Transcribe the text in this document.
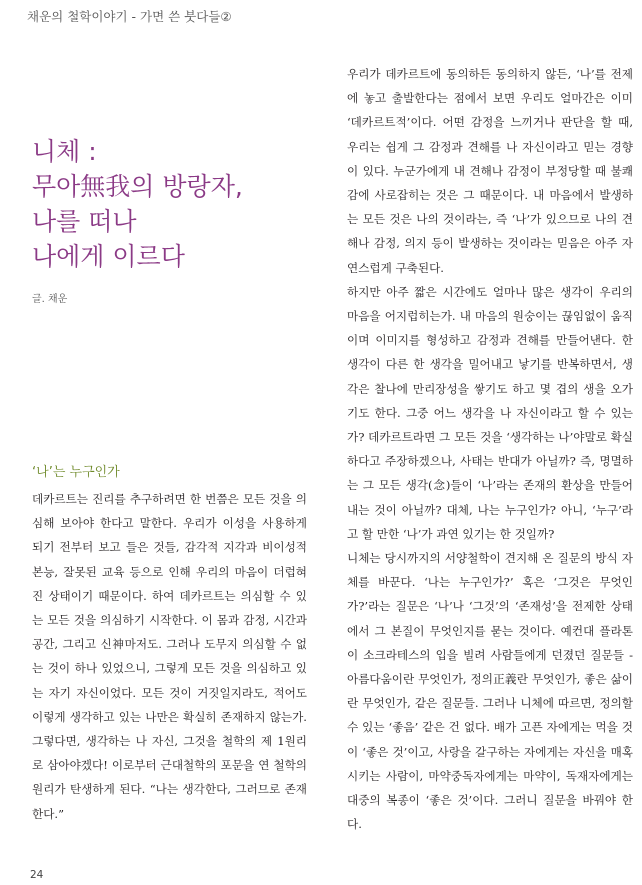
채운의 철학이야기 - 가면 쓴 붓다들②
니체 :
무아無我의 방랑자,
나를 떠나
나에게 이르다
글. 채운
‘나’는 누구인가

데카르트는 진리를 추구하려면 한 번쯤은 모든 것을 의심해 보아야 한다고 말한다. 우리가 이성을 사용하게 되기 전부터 보고 들은 것들, 감각적 지각과 비이성적 본능, 잘못된 교육 등으로 인해 우리의 마음이 더럽혀진 상태이기 때문이다. 하여 데카르트는 의심할 수 있는 모든 것을 의심하기 시작한다. 이 몸과 감정, 시간과 공간, 그리고 신神마저도. 그러나 도무지 의심할 수 없는 것이 하나 있었으니, 그렇게 모든 것을 의심하고 있는 자기 자신이었다. 모든 것이 거짓일지라도, 적어도 이렇게 생각하고 있는 나만은 확실히 존재하지 않는가. 그렇다면, 생각하는 나 자신, 그것을 철학의 제 1원리로 삼아야겠다! 이로부터 근대철학의 포문을 연 철학의 원리가 탄생하게 된다. “나는 생각한다, 그러므로 존재한다.”

우리가 데카르트에 동의하든 동의하지 않든, ‘나’를 전제에 놓고 출발한다는 점에서 보면 우리도 얼마간은 이미 ‘데카르트적’이다. 어떤 감정을 느끼거나 판단을 할 때, 우리는 쉽게 그 감정과 견해를 나 자신이라고 믿는 경향이 있다. 누군가에게 내 견해나 감정이 부정당할 때 불쾌감에 사로잡히는 것은 그 때문이다. 내 마음에서 발생하는 모든 것은 나의 것이라는, 즉 ‘나’가 있으므로 나의 견해나 감정, 의지 등이 발생하는 것이라는 믿음은 아주 자연스럽게 구축된다.

하지만 아주 짧은 시간에도 얼마나 많은 생각이 우리의 마음을 어지럽히는가. 내 마음의 원숭이는 끊임없이 움직이며 이미지를 형성하고 감정과 견해를 만들어낸다. 한 생각이 다른 한 생각을 밀어내고 낳기를 반복하면서, 생각은 찰나에 만리장성을 쌓기도 하고 몇 겹의 생을 오가기도 한다. 그중 어느 생각을 나 자신이라고 할 수 있는가? 데카르트라면 그 모든 것을 ‘생각하는 나’야말로 확실하다고 주장하겠으나, 사태는 반대가 아닐까? 즉, 명멸하는 그 모든 생각(念)들이 ‘나’라는 존재의 환상을 만들어내는 것이 아닐까? 대체, 나는 누구인가? 아니, ‘누구’라고 할 만한 ‘나’가 과연 있기는 한 것일까?

니체는 당시까지의 서양철학이 견지해 온 질문의 방식 자체를 바꾼다. ‘나는 누구인가?’ 혹은 ‘그것은 무엇인가?’라는 질문은 ‘나’나 ‘그것’의 ‘존재성’을 전제한 상태에서 그 본질이 무엇인지를 묻는 것이다. 예컨대 플라톤이 소크라테스의 입을 빌려 사람들에게 던졌던 질문들 - 아름다움이란 무엇인가, 정의正義란 무엇인가, 좋은 삶이란 무엇인가, 같은 질문들. 그러나 니체에 따르면, 정의할 수 있는 ‘좋음’ 같은 건 없다. 배가 고픈 자에게는 먹을 것이 ‘좋은 것’이고, 사랑을 갈구하는 자에게는 자신을 매혹시키는 사람이, 마약중독자에게는 마약이, 독재자에게는 대중의 복종이 ‘좋은 것’이다. 그러니 질문을 바꿔야 한다.

24
